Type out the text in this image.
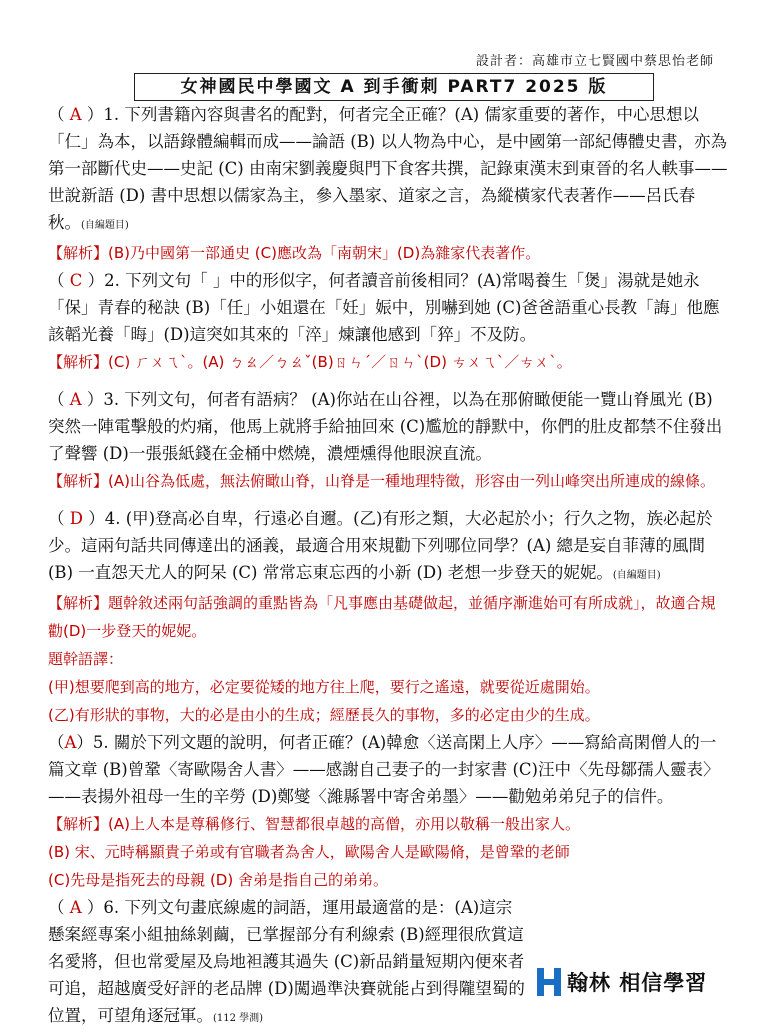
設計者：高雄市立七賢國中蔡思怡老師
女神國民中學國文 A 到手衝刺 PART7 2025 版
（ A ）1. 下列書籍內容與書名的配對，何者完全正確？(A) 儒家重要的著作，中心思想以「仁」為本，以語錄體編輯而成——論語 (B) 以人物為中心，是中國第一部紀傳體史書，亦為第一部斷代史——史記 (C) 由南宋劉義慶與門下食客共撰，記錄東漢末到東晉的名人軼事——世說新語 (D) 書中思想以儒家為主，參入墨家、道家之言，為縱橫家代表著作——呂氏春秋。(自編題目)
【解析】(B)乃中國第一部通史 (C)應改為「南朝宋」(D)為雜家代表著作。
（ C ）2. 下列文句「 」中的形似字，何者讀音前後相同？(A)常喝養生「煲」湯就是她永「保」青春的秘訣 (B)「任」小姐還在「妊」娠中，別嚇到她 (C)爸爸語重心長教「誨」他應該韜光養「晦」(D)這突如其來的「淬」煉讓他感到「猝」不及防。
【解析】(C) ㄏㄨㄟˋ。(A) ㄅㄠ／ㄅㄠˇ(B)ㄖㄣˊ／ㄖㄣˋ(D) ㄘㄨㄟˋ／ㄘㄨˋ。
（ A ）3. 下列文句，何者有語病？ (A)你站在山谷裡，以為在那俯瞰便能一覽山脊風光 (B)突然一陣電擊般的灼痛，他馬上就將手給抽回來 (C)尷尬的靜默中，你們的肚皮都禁不住發出了聲響 (D)一張張紙錢在金桶中燃燒，濃煙燻得他眼淚直流。
【解析】(A)山谷為低處，無法俯瞰山脊，山脊是一種地理特徵，形容由一列山峰突出所連成的線條。
（ D ）4. (甲)登高必自卑，行遠必自邇。(乙)有形之類，大必起於小；行久之物，族必起於少。這兩句話共同傳達出的涵義，最適合用來規勸下列哪位同學？(A) 總是妄自菲薄的風間 (B) 一直怨天尤人的阿呆 (C) 常常忘東忘西的小新 (D) 老想一步登天的妮妮。(自編題目)
【解析】題幹敘述兩句話強調的重點皆為「凡事應由基礎做起，並循序漸進始可有所成就」，故適合規勸(D)一步登天的妮妮。
題幹語譯：
(甲)想要爬到高的地方，必定要從矮的地方往上爬，要行之遙遠，就要從近處開始。
(乙)有形狀的事物，大的必是由小的生成；經歷長久的事物，多的必定由少的生成。
（A）5. 關於下列文題的說明，何者正確？(A)韓愈〈送高閑上人序〉——寫給高閑僧人的一篇文章 (B)曾鞏〈寄歐陽舍人書〉——感謝自己妻子的一封家書 (C)汪中〈先母鄒孺人靈表〉——表揚外祖母一生的辛勞 (D)鄭燮〈濰縣署中寄舍弟墨〉——勸勉弟弟兒子的信件。
【解析】(A)上人本是尊稱修行、智慧都很卓越的高僧，亦用以敬稱一般出家人。
(B) 宋、元時稱顯貴子弟或有官職者為舍人，歐陽舍人是歐陽脩，是曾鞏的老師
(C)先母是指死去的母親 (D) 舍弟是指自己的弟弟。
（ A ）6. 下列文句畫底線處的詞語，運用最適當的是：(A)這宗懸案經專案小組抽絲剝繭，已掌握部分有利線索 (B)經理很欣賞這名愛將，但也常愛屋及烏地袒護其過失 (C)新品銷量短期內便來者可追，超越廣受好評的老品牌 (D)闖過準決賽就能占到得隴望蜀的位置，可望角逐冠軍。(112 學測)
翰林 相信學習
